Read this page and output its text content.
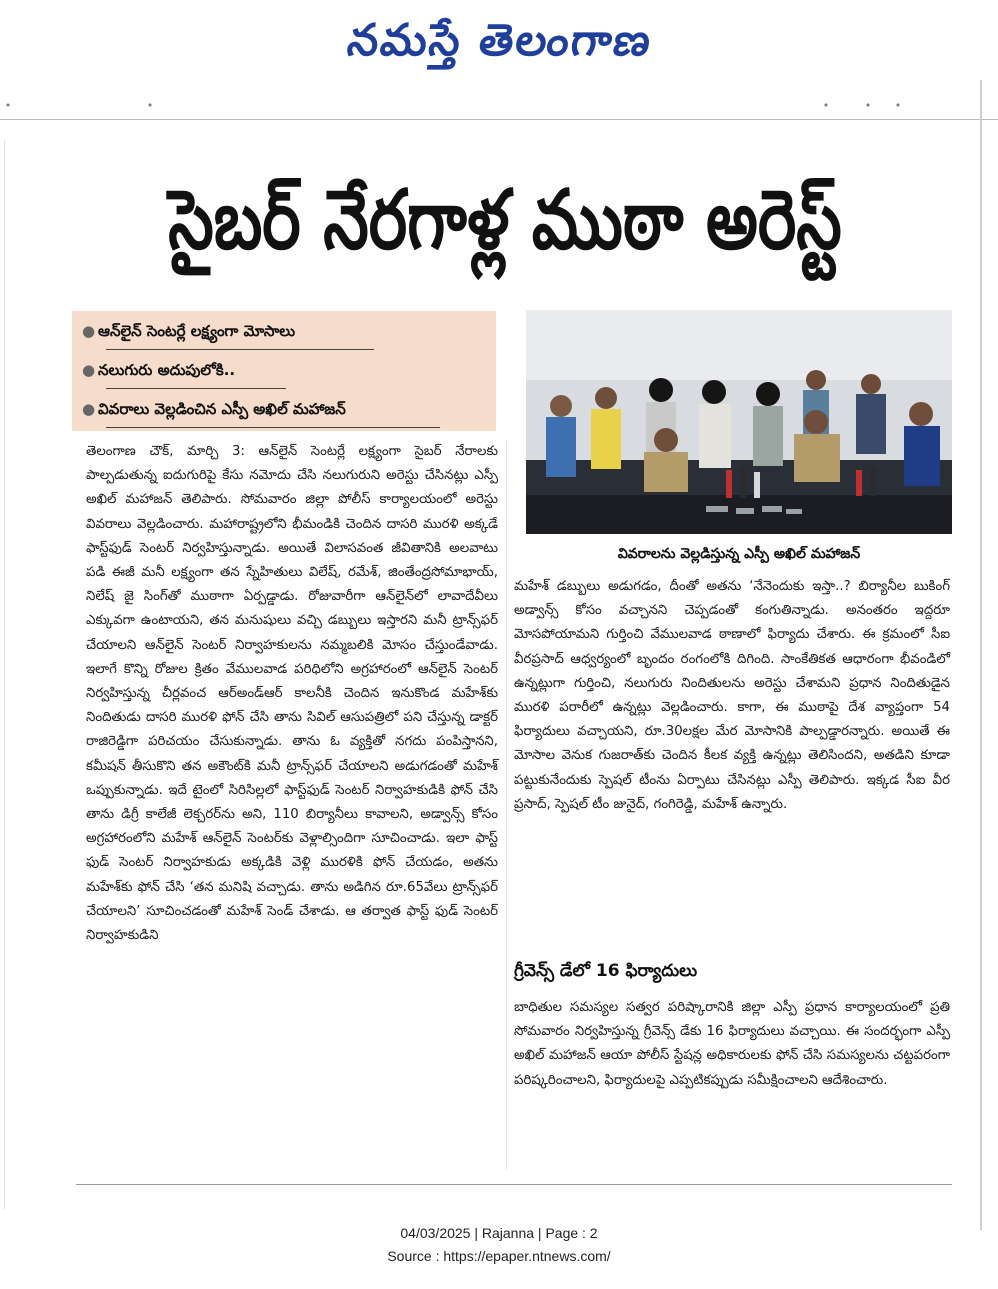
నమస్తే తెలంగాణ
సైబర్ నేరగాళ్ల ముఠా అరెస్ట్
● ఆన్‌లైన్ సెంటర్లే లక్ష్యంగా మోసాలు
● నలుగురు అదుపులోకి..
● వివరాలు వెల్లడించిన ఎస్పీ అఖిల్ మహాజన్
వివరాలను వెల్లడిస్తున్న ఎస్పీ అఖిల్ మహాజన్
తెలంగాణ చౌక్, మార్చి 3: ఆన్‌లైన్ సెంటర్లే లక్ష్యంగా సైబర్ నేరాలకు పాల్పడుతున్న ఐదుగురిపై కేసు నమోదు చేసి నలుగురుని అరెస్టు చేసినట్లు ఎస్పీ అఖిల్ మహాజన్ తెలిపారు. సోమవారం జిల్లా పోలీస్ కార్యాలయంలో అరెస్టు వివరాలు వెల్లడించారు. మహారాష్ట్రలోని భీమండికి చెందిన దాసరి మురళి అక్కడే ఫాస్ట్‌ఫుడ్ సెంటర్ నిర్వహిస్తున్నాడు. అయితే విలాసవంత జీవితానికి అలవాటు పడి ఈజీ మనీ లక్ష్యంగా తన స్నేహితులు విలేష్, రమేశ్, జింతేంద్రసోమాభాయ్, నిలేష్ జై సింగ్‌తో ముఠాగా ఏర్పడ్డాడు. రోజువారీగా ఆన్‌లైన్‌లో లావాదేవీలు ఎక్కువగా ఉంటాయని, తన మనుషులు వచ్చి డబ్బులు ఇస్తారని మనీ ట్రాన్స్‌ఫర్ చేయాలని ఆన్‌లైన్ సెంటర్ నిర్వాహకులను నమ్మబలికి మోసం చేస్తుండేవాడు. ఇలాగే కొన్ని రోజుల క్రితం వేములవాడ పరిధిలోని అగ్రహారంలో ఆన్‌లైన్ సెంటర్ నిర్వహిస్తున్న చీర్లవంచ ఆర్‌అండ్‌ఆర్ కాలనీకి చెందిన ఇనుకొండ మహేశ్‌కు నిందితుడు దాసరి మురళి ఫోన్ చేసి తాను సివిల్ ఆసుపత్రిలో పని చేస్తున్న డాక్టర్ రాజిరెడ్డిగా పరిచయం చేసుకున్నాడు. తాను ఓ వ్యక్తితో నగదు పంపిస్తానని, కమీషన్ తీసుకొని తన అకౌంట్‌కి మనీ ట్రాన్స్‌ఫర్ చేయాలని అడుగడంతో మహేశ్ ఒప్పుకున్నాడు. ఇదే టైంలో సిరిసిల్లలో ఫాస్ట్‌ఫుడ్ సెంటర్ నిర్వాహకుడికి ఫోన్ చేసి తాను డిగ్రీ కాలేజీ లెక్చరర్‌ను అని, 110 బిర్యానీలు కావాలని, అడ్వాన్స్ కోసం అగ్రహారంలోని మహేశ్ ఆన్‌లైన్ సెంటర్‌కు వెళ్లాల్సిందిగా సూచించాడు. ఇలా ఫాస్ట్ ఫుడ్ సెంటర్ నిర్వాహకుడు అక్కడికి వెళ్లి మురళికి ఫోన్ చేయడం, అతను మహేశ్‌కు ఫోన్ చేసి ‘తన మనిషి వచ్చాడు. తాను అడిగిన రూ.65వేలు ట్రాన్స్‌ఫర్ చేయాలని’ సూచించడంతో మహేశ్ సెండ్ చేశాడు. ఆ తర్వాత ఫాస్ట్ ఫుడ్ సెంటర్ నిర్వాహకుడిని
మహేశ్ డబ్బులు అడుగడం, దీంతో అతను ‘నేనెందుకు ఇస్తా..? బిర్యానీల బుకింగ్ అడ్వాన్స్ కోసం వచ్చానని చెప్పడంతో కంగుతిన్నాడు. అనంతరం ఇద్దరూ మోసపోయామని గుర్తించి వేములవాడ ఠాణాలో ఫిర్యాదు చేశారు. ఈ క్రమంలో సీఐ వీరప్రసాద్ ఆధ్వర్యంలో బృందం రంగంలోకి దిగింది. సాంకేతికత ఆధారంగా భీవండిలో ఉన్నట్లుగా గుర్తించి, నలుగురు నిందితులను అరెస్టు చేశామని ప్రధాన నిందితుడైన మురళి పరారీలో ఉన్నట్లు వెల్లడించారు. కాగా, ఈ ముఠాపై దేశ వ్యాప్తంగా 54 ఫిర్యాదులు వచ్చాయని, రూ.30లక్షల మేర మోసానికి పాల్పడ్డారన్నారు. అయితే ఈ మోసాల వెనుక గుజరాత్‌కు చెందిన కీలక వ్యక్తి ఉన్నట్లు తెలిసిందని, అతడిని కూడా పట్టుకునేందుకు స్పెషల్ టీంను ఏర్పాటు చేసినట్లు ఎస్పీ తెలిపారు. ఇక్కడ సీఐ వీర ప్రసాద్, స్పెషల్ టీం జునైద్, గంగిరెడ్డి, మహేశ్ ఉన్నారు.
గ్రీవెన్స్ డేలో 16 ఫిర్యాదులు
బాధితుల సమస్యల సత్వర పరిష్కారానికి జిల్లా ఎస్పీ ప్రధాన కార్యాలయంలో ప్రతి సోమవారం నిర్వహిస్తున్న గ్రీవెన్స్ డేకు 16 ఫిర్యాదులు వచ్చాయి. ఈ సందర్భంగా ఎస్పీ అఖిల్ మహాజన్ ఆయా పోలీస్ స్టేషన్ల అధికారులకు ఫోన్ చేసి సమస్యలను చట్టపరంగా పరిష్కరించాలని, ఫిర్యాదులపై ఎప్పటికప్పుడు సమీక్షించాలని ఆదేశించారు.
04/03/2025 | Rajanna | Page : 2
Source : https://epaper.ntnews.com/
